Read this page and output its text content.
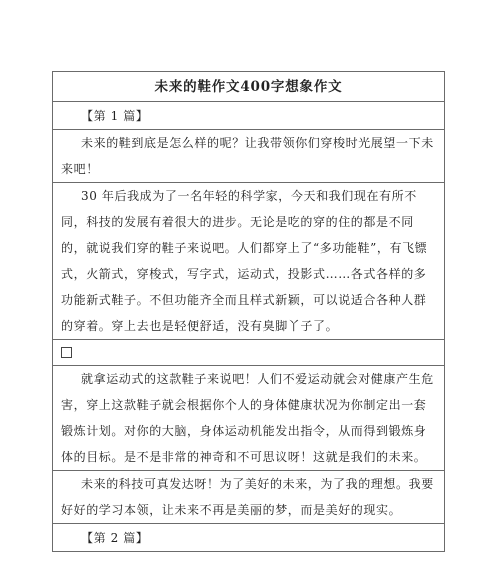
未来的鞋作文400字想象作文
【第 1 篇】
未来的鞋到底是怎么样的呢？让我带领你们穿梭时光展望一下未来吧！
30 年后我成为了一名年轻的科学家，今天和我们现在有所不同，科技的发展有着很大的进步。无论是吃的穿的住的都是不同的，就说我们穿的鞋子来说吧。人们都穿上了“多功能鞋”，有飞镖式，火箭式，穿梭式，写字式，运动式，投影式……各式各样的多功能新式鞋子。不但功能齐全而且样式新颖，可以说适合各种人群的穿着。穿上去也是轻便舒适，没有臭脚丫子了。
就拿运动式的这款鞋子来说吧！人们不爱运动就会对健康产生危害，穿上这款鞋子就会根据你个人的身体健康状况为你制定出一套锻炼计划。对你的大脑，身体运动机能发出指令，从而得到锻炼身体的目标。是不是非常的神奇和不可思议呀！这就是我们的未来。
未来的科技可真发达呀！为了美好的未来，为了我的理想。我要好好的学习本领，让未来不再是美丽的梦，而是美好的现实。
【第 2 篇】
